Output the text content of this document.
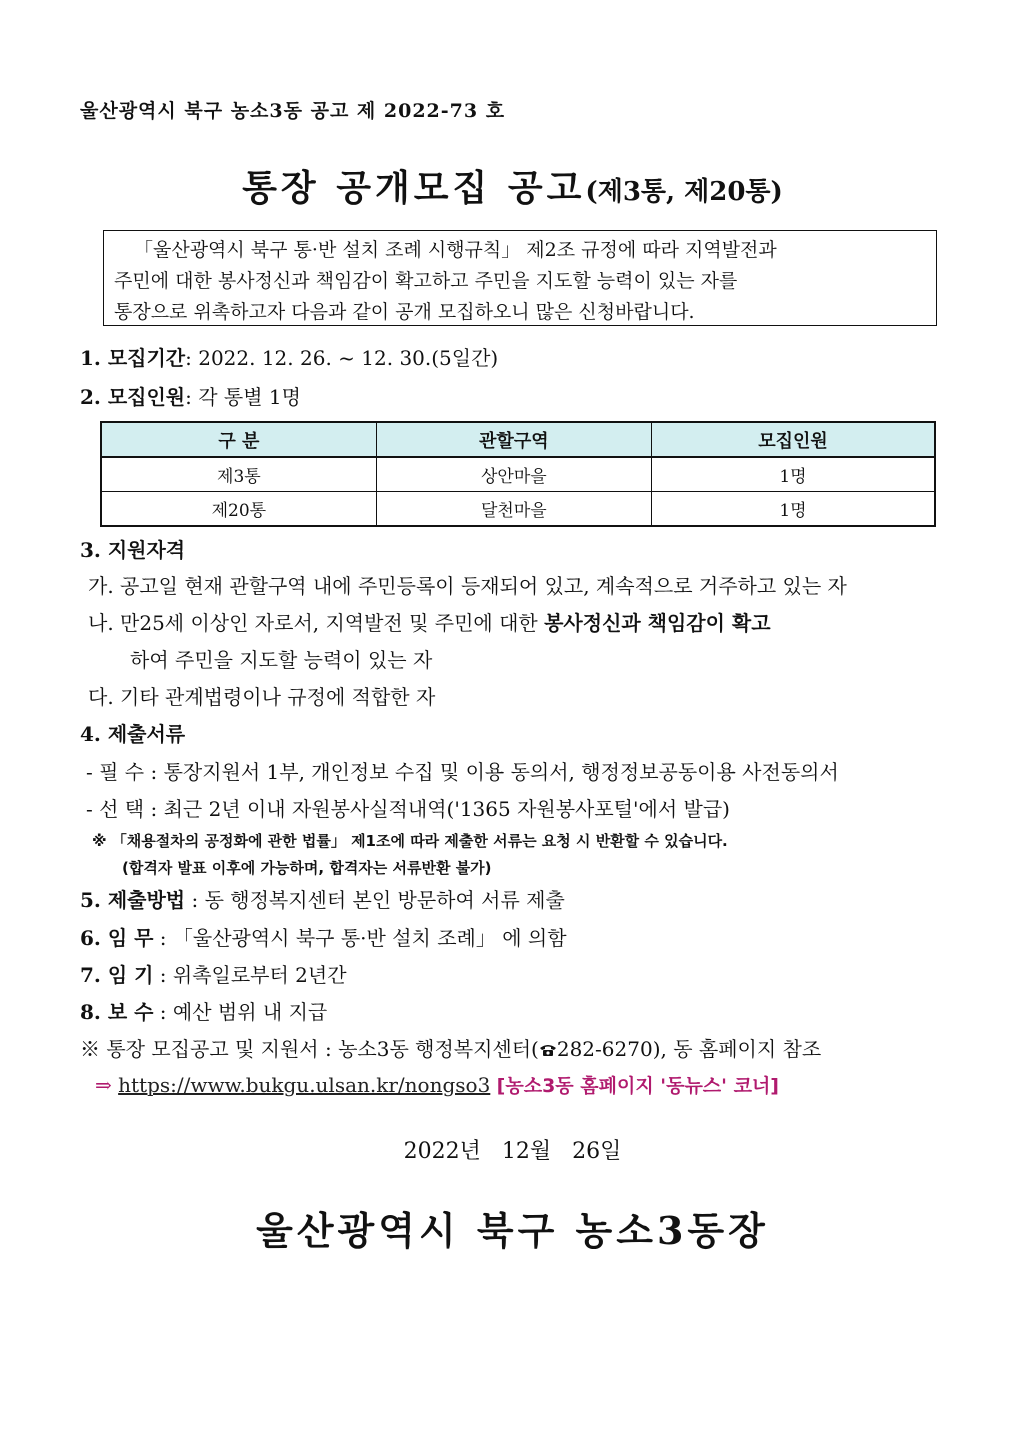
울산광역시 북구 농소3동 공고 제 2022-73 호
통장 공개모집 공고(제3통, 제20통)

「울산광역시 북구 통·반 설치 조례 시행규칙」 제2조 규정에 따라 지역발전과

주민에 대한 봉사정신과 책임감이 확고하고 주민을 지도할 능력이 있는 자를

통장으로 위촉하고자 다음과 같이 공개 모집하오니 많은 신청바랍니다.

1. 모집기간: 2022. 12. 26. ~ 12. 30.(5일간)
2. 모집인원: 각 통별 1명
구 분	관할구역	모집인원
제3통	상안마을	1명
제20통	달천마을	1명
3. 지원자격
가. 공고일 현재 관할구역 내에 주민등록이 등재되어 있고, 계속적으로 거주하고 있는 자
나. 만25세 이상인 자로서, 지역발전 및 주민에 대한 봉사정신과 책임감이 확고
하여 주민을 지도할 능력이 있는 자
다. 기타 관계법령이나 규정에 적합한 자
4. 제출서류
- 필 수 : 통장지원서 1부, 개인정보 수집 및 이용 동의서, 행정정보공동이용 사전동의서
- 선 택 : 최근 2년 이내 자원봉사실적내역('1365 자원봉사포털'에서 발급)
※ 「채용절차의 공정화에 관한 법률」 제1조에 따라 제출한 서류는 요청 시 반환할 수 있습니다.
(합격자 발표 이후에 가능하며, 합격자는 서류반환 불가)
5. 제출방법 : 동 행정복지센터 본인 방문하여 서류 제출
6. 임 무 : 「울산광역시 북구 통·반 설치 조례」 에 의함
7. 임 기 : 위촉일로부터 2년간
8. 보 수 : 예산 범위 내 지급
※ 통장 모집공고 및 지원서 : 농소3동 행정복지센터( 282-6270), 동 홈페이지 참조
⇒ https://www.bukgu.ulsan.kr/nongso3 [농소3동 홈페이지 '동뉴스' 코너]
2022년 12월 26일
울산광역시 북구 농소3동장
